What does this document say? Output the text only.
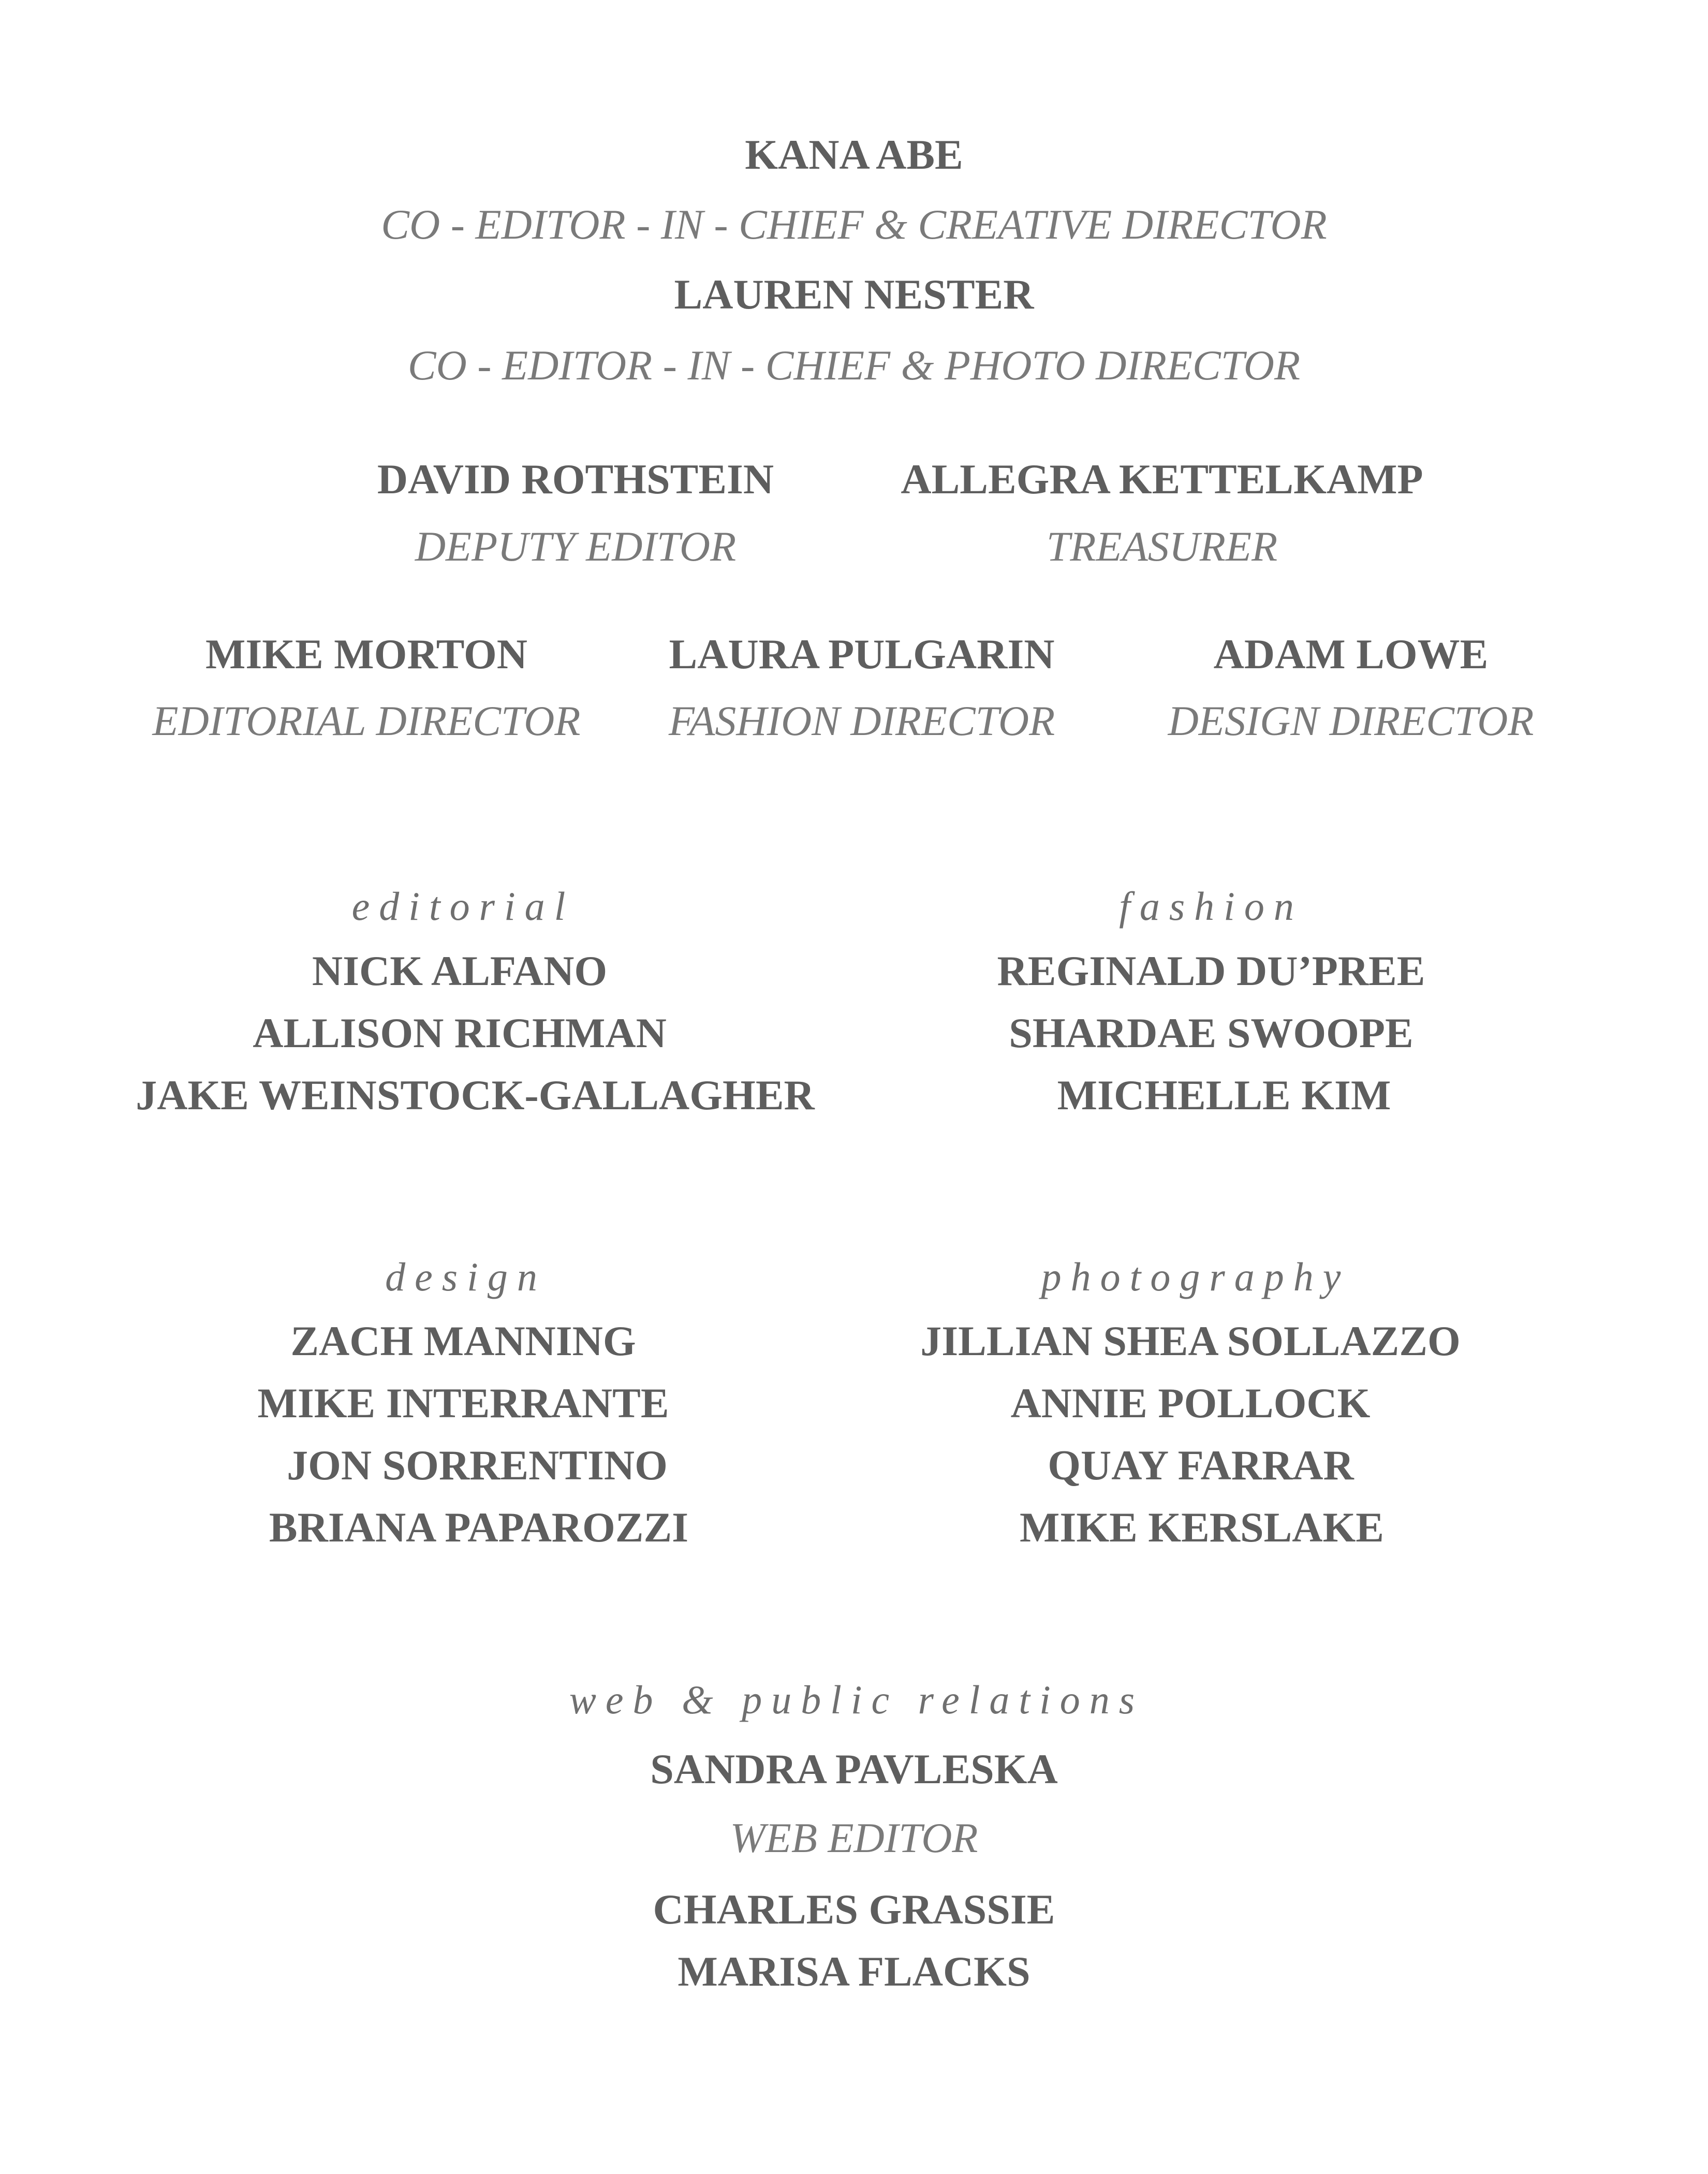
KANA ABE
CO - EDITOR - IN - CHIEF & CREATIVE DIRECTOR
LAUREN NESTER
CO - EDITOR - IN - CHIEF & PHOTO DIRECTOR
DAVID ROTHSTEIN
DEPUTY EDITOR
ALLEGRA KETTELKAMP
TREASURER
MIKE MORTON
EDITORIAL DIRECTOR
LAURA PULGARIN
FASHION DIRECTOR
ADAM LOWE
DESIGN DIRECTOR
editorial
NICK ALFANO
ALLISON RICHMAN
JAKE WEINSTOCK-GALLAGHER
fashion
REGINALD DU’PREE
SHARDAE SWOOPE
MICHELLE KIM
design
ZACH MANNING
MIKE INTERRANTE
JON SORRENTINO
BRIANA PAPAROZZI
photography
JILLIAN SHEA SOLLAZZO
ANNIE POLLOCK
QUAY FARRAR
MIKE KERSLAKE
web & public relations
SANDRA PAVLESKA
WEB EDITOR
CHARLES GRASSIE
MARISA FLACKS
